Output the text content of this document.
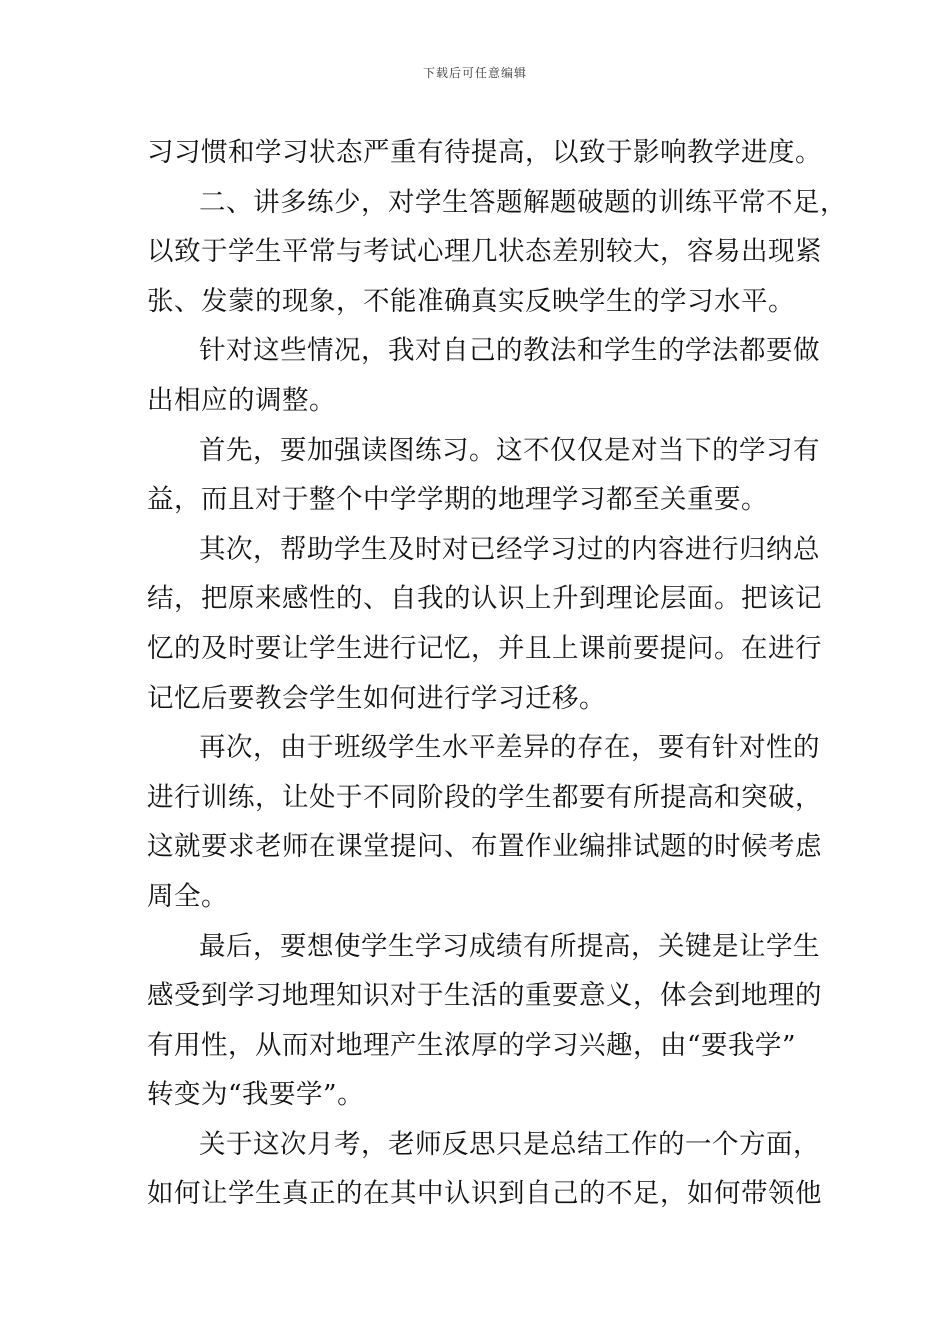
下载后可任意编辑
习习惯和学习状态严重有待提高，以致于影响教学进度。
二、讲多练少，对学生答题解题破题的训练平常不足，
以致于学生平常与考试心理几状态差别较大，容易出现紧
张、发蒙的现象，不能准确真实反映学生的学习水平。
针对这些情况，我对自己的教法和学生的学法都要做
出相应的调整。
首先，要加强读图练习。这不仅仅是对当下的学习有
益，而且对于整个中学学期的地理学习都至关重要。
其次，帮助学生及时对已经学习过的内容进行归纳总
结，把原来感性的、自我的认识上升到理论层面。把该记
忆的及时要让学生进行记忆，并且上课前要提问。在进行
记忆后要教会学生如何进行学习迁移。
再次，由于班级学生水平差异的存在，要有针对性的
进行训练，让处于不同阶段的学生都要有所提高和突破，
这就要求老师在课堂提问、布置作业编排试题的时候考虑
周全。
最后，要想使学生学习成绩有所提高，关键是让学生
感受到学习地理知识对于生活的重要意义，体会到地理的
有用性，从而对地理产生浓厚的学习兴趣，由“要我学”
转变为“我要学”。
关于这次月考，老师反思只是总结工作的一个方面，
如何让学生真正的在其中认识到自己的不足，如何带领他
